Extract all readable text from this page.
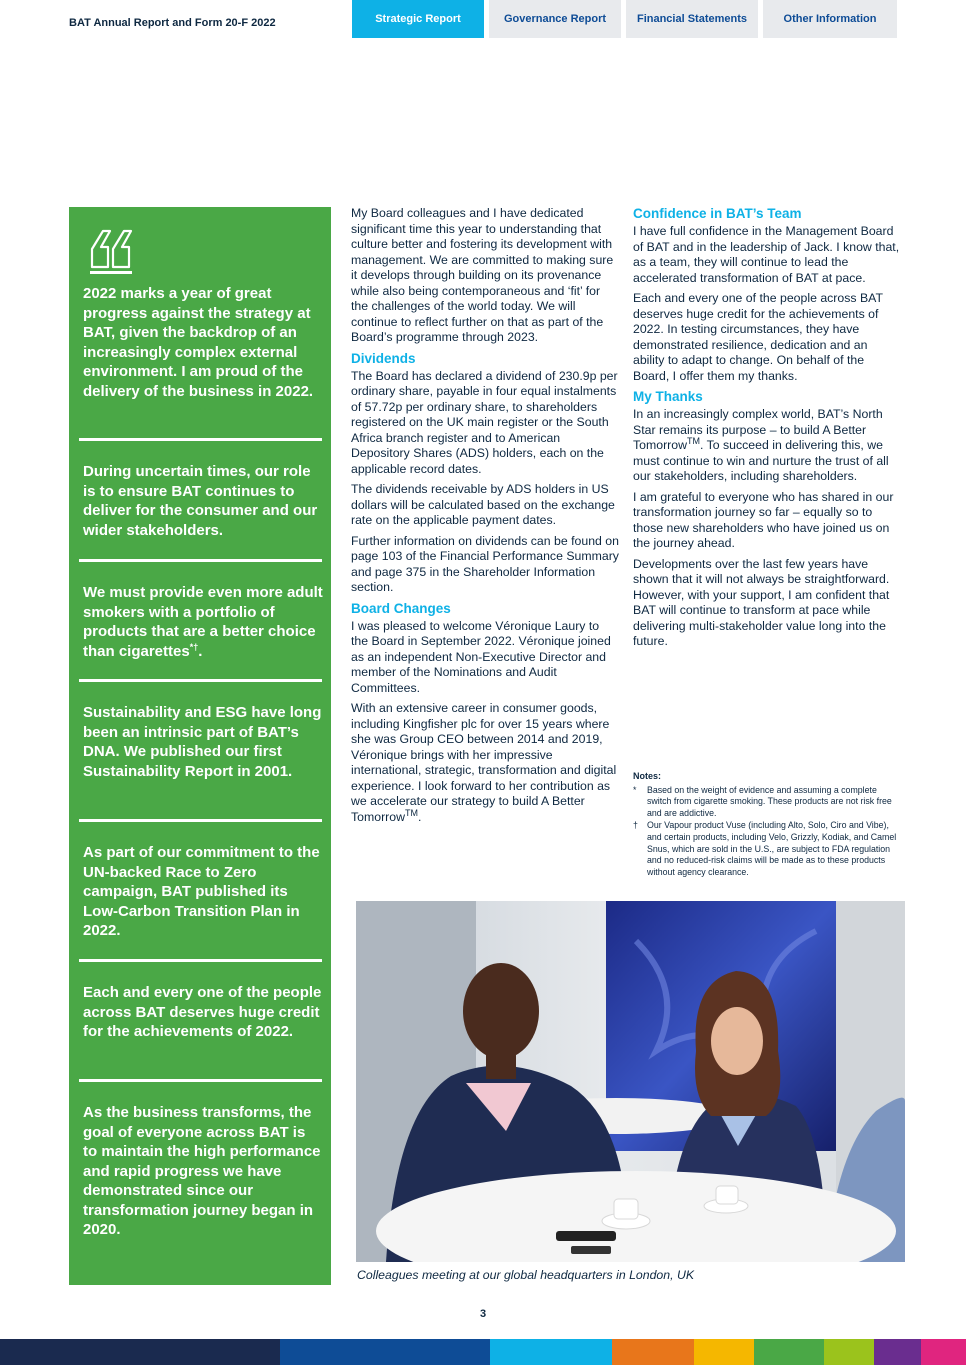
BAT Annual Report and Form 20-F 2022	Strategic Report	Governance Report	Financial Statements	Other Information
2022 marks a year of great progress against the strategy at BAT, given the backdrop of an increasingly complex external environment. I am proud of the delivery of the business in 2022.
During uncertain times, our role is to ensure BAT continues to deliver for the consumer and our wider stakeholders.
We must provide even more adult smokers with a portfolio of products that are a better choice than cigarettes*†.
Sustainability and ESG have long been an intrinsic part of BAT’s DNA. We published our first Sustainability Report in 2001.
As part of our commitment to the UN-backed Race to Zero campaign, BAT published its Low-Carbon Transition Plan in 2022.
Each and every one of the people across BAT deserves huge credit for the achievements of 2022.
As the business transforms, the goal of everyone across BAT is to maintain the high performance and rapid progress we have demonstrated since our transformation journey began in 2020.

My Board colleagues and I have dedicated significant time this year to understanding that culture better and fostering its development with management. We are committed to making sure it develops through building on its provenance while also being contemporaneous and ‘fit’ for the challenges of the world today. We will continue to reflect further on that as part of the Board’s programme through 2023.

Dividends

The Board has declared a dividend of 230.9p per ordinary share, payable in four equal instalments of 57.72p per ordinary share, to shareholders registered on the UK main register or the South Africa branch register and to American Depository Shares (ADS) holders, each on the applicable record dates.

The dividends receivable by ADS holders in US dollars will be calculated based on the exchange rate on the applicable payment dates.

Further information on dividends can be found on page 103 of the Financial Performance Summary and page 375 in the Shareholder Information section.

Board Changes

I was pleased to welcome Véronique Laury to the Board in September 2022. Véronique joined as an independent Non-Executive Director and member of the Nominations and Audit Committees.

With an extensive career in consumer goods, including Kingfisher plc for over 15 years where she was Group CEO between 2014 and 2019, Véronique brings with her impressive international, strategic, transformation and digital experience. I look forward to her contribution as we accelerate our strategy to build A Better Tomorrow™.

Confidence in BAT’s Team

I have full confidence in the Management Board of BAT and in the leadership of Jack. I know that, as a team, they will continue to lead the accelerated transformation of BAT at pace.

Each and every one of the people across BAT deserves huge credit for the achievements of 2022. In testing circumstances, they have demonstrated resilience, dedication and an ability to adapt to change. On behalf of the Board, I offer them my thanks.

My Thanks

In an increasingly complex world, BAT’s North Star remains its purpose – to build A Better Tomorrow™. To succeed in delivering this, we must continue to win and nurture the trust of all our stakeholders, including shareholders.

I am grateful to everyone who has shared in our transformation journey so far – equally so to those new shareholders who have joined us on the journey ahead.

Developments over the last few years have shown that it will not always be straightforward. However, with your support, I am confident that BAT will continue to transform at pace while delivering multi-stakeholder value long into the future.

Notes:
* Based on the weight of evidence and assuming a complete switch from cigarette smoking. These products are not risk free and are addictive.
† Our Vapour product Vuse (including Alto, Solo, Ciro and Vibe), and certain products, including Velo, Grizzly, Kodiak, and Camel Snus, which are sold in the U.S., are subject to FDA regulation and no reduced-risk claims will be made as to these products without agency clearance.
Colleagues meeting at our global headquarters in London, UK
3
